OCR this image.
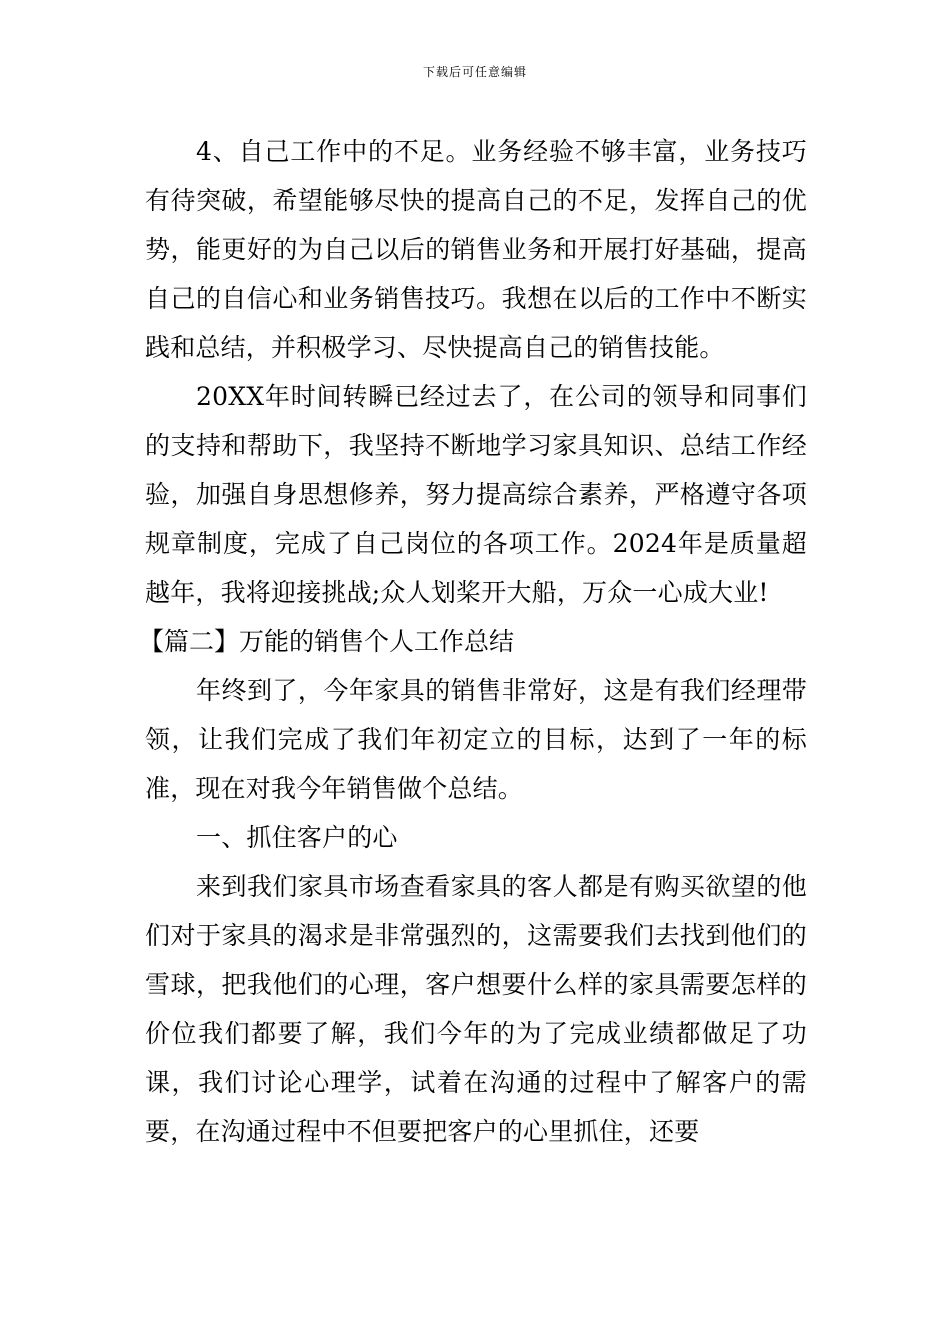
下载后可任意编辑

4、自己工作中的不足。业务经验不够丰富，业务技巧有待突破，希望能够尽快的提高自己的不足，发挥自己的优势，能更好的为自己以后的销售业务和开展打好基础，提高自己的自信心和业务销售技巧。我想在以后的工作中不断实践和总结，并积极学习、尽快提高自己的销售技能。

20XX年时间转瞬已经过去了，在公司的领导和同事们的支持和帮助下，我坚持不断地学习家具知识、总结工作经验，加强自身思想修养，努力提高综合素养，严格遵守各项规章制度，完成了自己岗位的各项工作。2024年是质量超越年，我将迎接挑战;众人划桨开大船，万众一心成大业!

【篇二】万能的销售个人工作总结

年终到了，今年家具的销售非常好，这是有我们经理带领，让我们完成了我们年初定立的目标，达到了一年的标准，现在对我今年销售做个总结。

一、抓住客户的心

来到我们家具市场查看家具的客人都是有购买欲望的他们对于家具的渴求是非常强烈的，这需要我们去找到他们的雪球，把我他们的心理，客户想要什么样的家具需要怎样的价位我们都要了解，我们今年的为了完成业绩都做足了功课，我们讨论心理学，试着在沟通的过程中了解客户的需要，在沟通过程中不但要把客户的心里抓住，还要
